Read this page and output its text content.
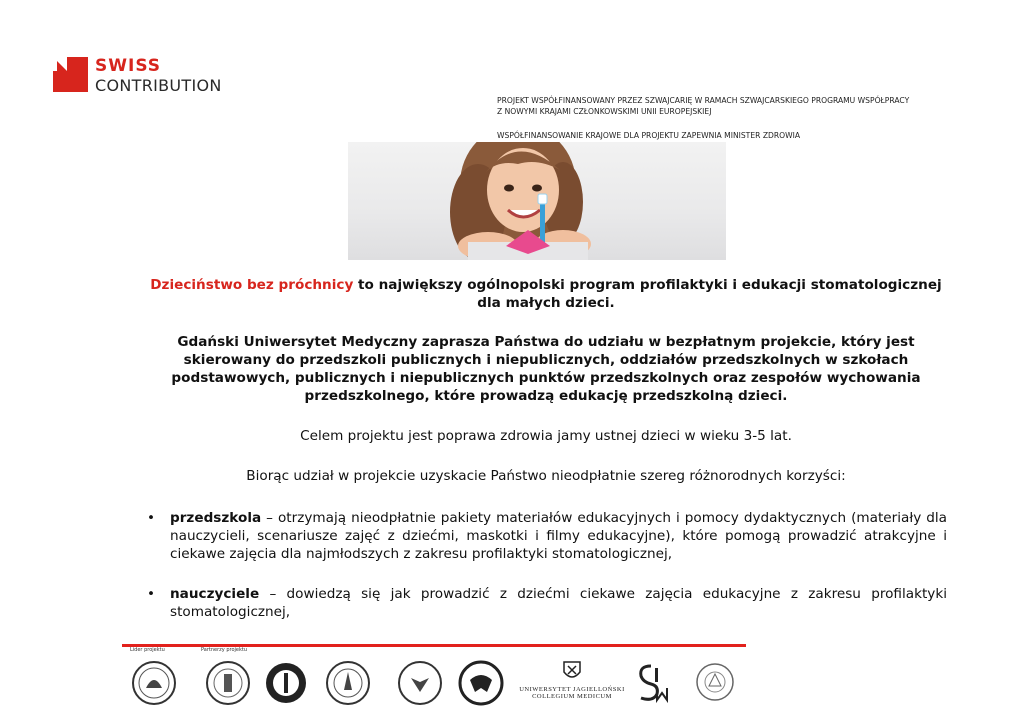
SWISS
CONTRIBUTION

PROJEKT WSPÓŁFINANSOWANY PRZEZ SZWAJCARIĘ W RAMACH SZWAJCARSKIEGO PROGRAMU WSPÓŁPRACY

Z NOWYMI KRAJAMI CZŁONKOWSKIMI UNII EUROPEJSKIEJ

WSPÓŁFINANSOWANIE KRAJOWE DLA PROJEKTU ZAPEWNIA MINISTER ZDROWIA

Dzieciństwo bez próchnicy to największy ogólnopolski program profilaktyki i edukacji stomatologicznej dla małych dzieci.

Gdański Uniwersytet Medyczny zaprasza Państwa do udziału w bezpłatnym projekcie, który jest skierowany do przedszkoli publicznych i niepublicznych, oddziałów przedszkolnych w szkołach podstawowych, publicznych i niepublicznych punktów przedszkolnych oraz zespołów wychowania przedszkolnego, które prowadzą edukację przedszkolną dzieci.

Celem projektu jest poprawa zdrowia jamy ustnej dzieci w wieku 3-5 lat.

Biorąc udział w projekcie uzyskacie Państwo nieodpłatnie szereg różnorodnych korzyści:

• przedszkola – otrzymają nieodpłatnie pakiety materiałów edukacyjnych i pomocy dydaktycznych (materiały dla nauczycieli, scenariusze zajęć z dziećmi, maskotki i filmy edukacyjne), które pomogą prowadzić atrakcyjne i ciekawe zajęcia dla najmłodszych z zakresu profilaktyki stomatologicznej,
• nauczyciele – dowiedzą się jak prowadzić z dziećmi ciekawe zajęcia edukacyjne z zakresu profilaktyki stomatologicznej,
Lider projektu	Partnerzy projektu
UNIWERSYTET JAGIELLOŃSKI
COLLEGIUM MEDICUM
